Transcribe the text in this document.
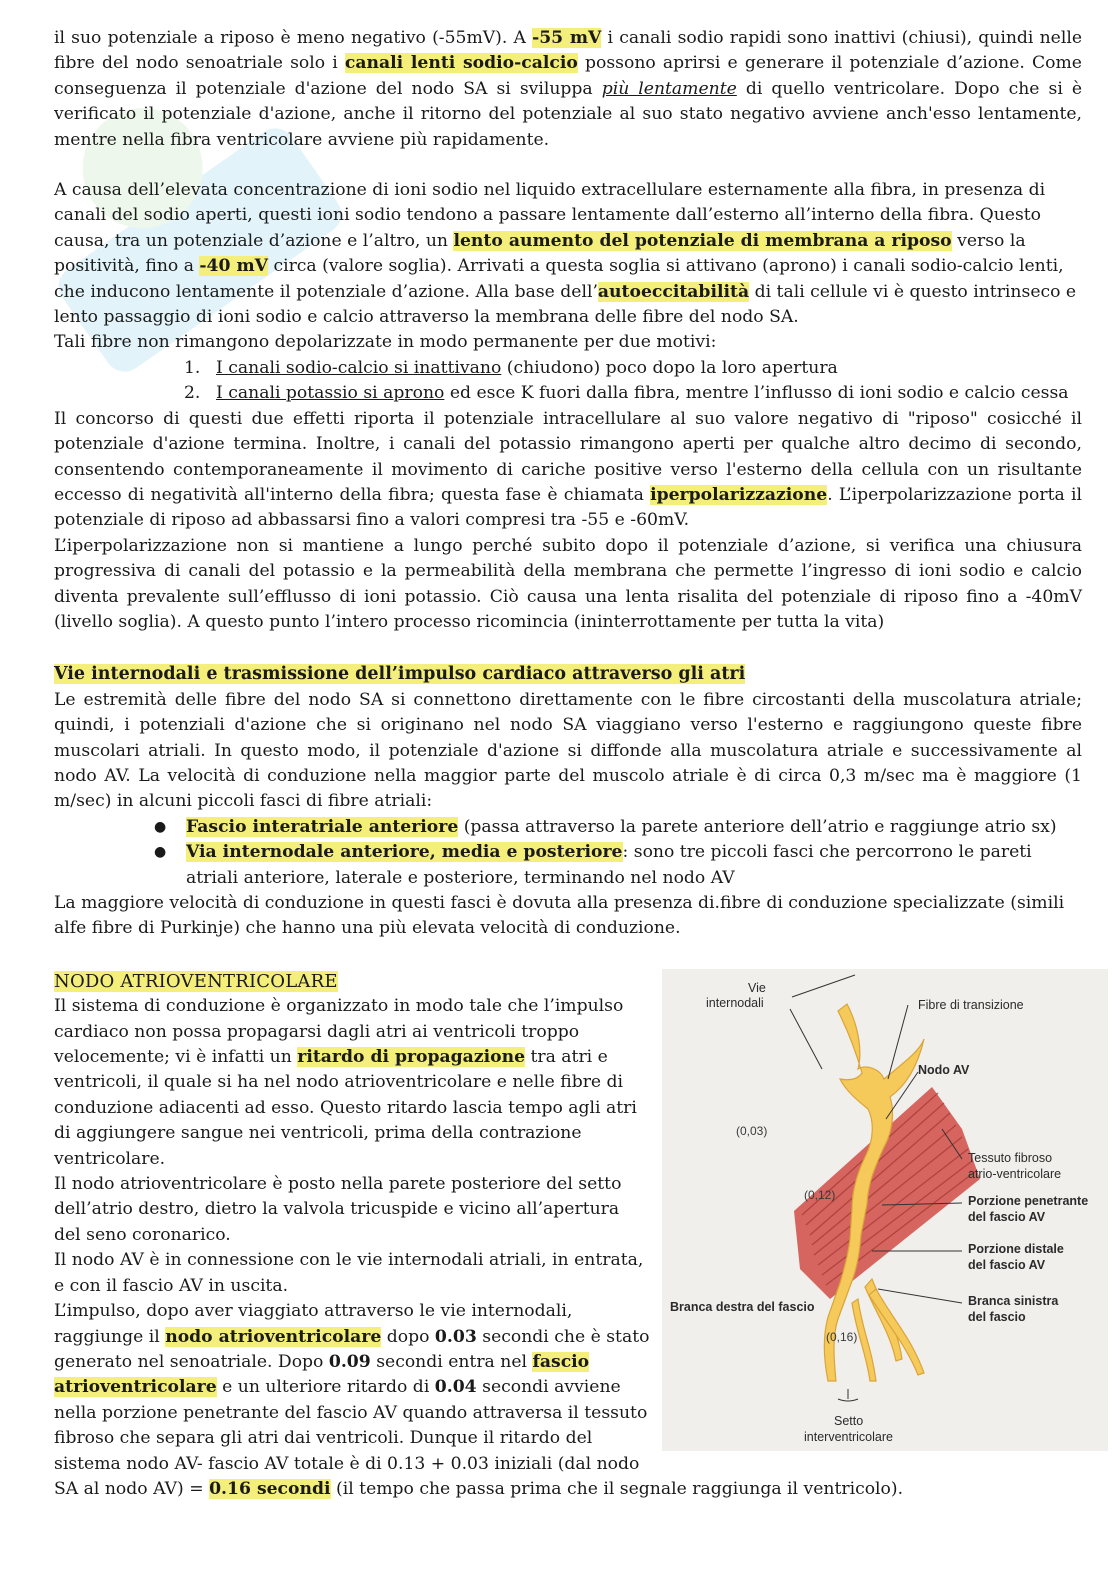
il suo potenziale a riposo è meno negativo (-55mV). A -55 mV i canali sodio rapidi sono inattivi (chiusi), quindi nelle fibre del nodo senoatriale solo i canali lenti sodio-calcio possono aprirsi e generare il potenziale d’azione. Come conseguenza il potenziale d'azione del nodo SA si sviluppa più lentamente di quello ventricolare. Dopo che si è verificato il potenziale d'azione, anche il ritorno del potenziale al suo stato negativo avviene anch'esso lentamente, mentre nella fibra ventricolare avviene più rapidamente.

A causa dell’elevata concentrazione di ioni sodio nel liquido extracellulare esternamente alla fibra, in presenza di canali del sodio aperti, questi ioni sodio tendono a passare lentamente dall’esterno all’interno della fibra. Questo causa, tra un potenziale d’azione e l’altro, un lento aumento del potenziale di membrana a riposo verso la positività, fino a -40 mV circa (valore soglia). Arrivati a questa soglia si attivano (aprono) i canali sodio-calcio lenti, che inducono lentamente il potenziale d’azione. Alla base dell’autoeccitabilità di tali cellule vi è questo intrinseco e lento passaggio di ioni sodio e calcio attraverso la membrana delle fibre del nodo SA.

Tali fibre non rimangono depolarizzate in modo permanente per due motivi:

1. I canali sodio-calcio si inattivano (chiudono) poco dopo la loro apertura
2. I canali potassio si aprono ed esce K fuori dalla fibra, mentre l’influsso di ioni sodio e calcio cessa

Il concorso di questi due effetti riporta il potenziale intracellulare al suo valore negativo di "riposo" cosicché il potenziale d'azione termina. Inoltre, i canali del potassio rimangono aperti per qualche altro decimo di secondo, consentendo contemporaneamente il movimento di cariche positive verso l'esterno della cellula con un risultante eccesso di negatività all'interno della fibra; questa fase è chiamata iperpolarizzazione. L’iperpolarizzazione porta il potenziale di riposo ad abbassarsi fino a valori compresi tra -55 e -60mV.

L’iperpolarizzazione non si mantiene a lungo perché subito dopo il potenziale d’azione, si verifica una chiusura progressiva di canali del potassio e la permeabilità della membrana che permette l’ingresso di ioni sodio e calcio diventa prevalente sull’efflusso di ioni potassio. Ciò causa una lenta risalita del potenziale di riposo fino a -40mV (livello soglia). A questo punto l’intero processo ricomincia (ininterrottamente per tutta la vita)

Vie internodali e trasmissione dell’impulso cardiaco attraverso gli atri

Le estremità delle fibre del nodo SA si connettono direttamente con le fibre circostanti della muscolatura atriale; quindi, i potenziali d'azione che si originano nel nodo SA viaggiano verso l'esterno e raggiungono queste fibre muscolari atriali. In questo modo, il potenziale d'azione si diffonde alla muscolatura atriale e successivamente al nodo AV. La velocità di conduzione nella maggior parte del muscolo atriale è di circa 0,3 m/sec ma è maggiore (1 m/sec) in alcuni piccoli fasci di fibre atriali:

●	Fascio interatriale anteriore (passa attraverso la parete anteriore dell’atrio e raggiunge atrio sx)
●	Via internodale anteriore, media e posteriore: sono tre piccoli fasci che percorrono le pareti atriali anteriore, laterale e posteriore, terminando nel nodo AV

La maggiore velocità di conduzione in questi fasci è dovuta alla presenza di.fibre di conduzione specializzate (simili alfe fibre di Purkinje) che hanno una più elevata velocità di conduzione.

NODO ATRIOVENTRICOLARE

Il sistema di conduzione è organizzato in modo tale che l’impulso cardiaco non possa propagarsi dagli atri ai ventricoli troppo velocemente; vi è infatti un ritardo di propagazione tra atri e ventricoli, il quale si ha nel nodo atrioventricolare e nelle fibre di conduzione adiacenti ad esso. Questo ritardo lascia tempo agli atri di aggiungere sangue nei ventricoli, prima della contrazione ventricolare.

Il nodo atrioventricolare è posto nella parete posteriore del setto dell’atrio destro, dietro la valvola tricuspide e vicino all’apertura del seno coronarico.

Il nodo AV è in connessione con le vie internodali atriali, in entrata, e con il fascio AV in uscita.

L’impulso, dopo aver viaggiato attraverso le vie internodali, raggiunge il nodo atrioventricolare dopo 0.03 secondi che è stato generato nel senoatriale. Dopo 0.09 secondi entra nel fascio atrioventricolare e un ulteriore ritardo di 0.04 secondi avviene nella porzione penetrante del fascio AV quando attraversa il tessuto fibroso che separa gli atri dai ventricoli. Dunque il ritardo del sistema nodo AV- fascio AV totale è di 0.13 + 0.03 iniziali (dal nodo

SA al nodo AV) = 0.16 secondi (il tempo che passa prima che il segnale raggiunga il ventricolo).

Vie
internodali	Fibre di transizione
Nodo AV
(0,03)
Tessuto fibroso
atrio-ventricolare
(0,12)	Porzione penetrante
del fascio AV
Porzione distale
del fascio AV
Branca destra del fascio	Branca sinistra
del fascio
(0,16)
Setto
interventricolare
